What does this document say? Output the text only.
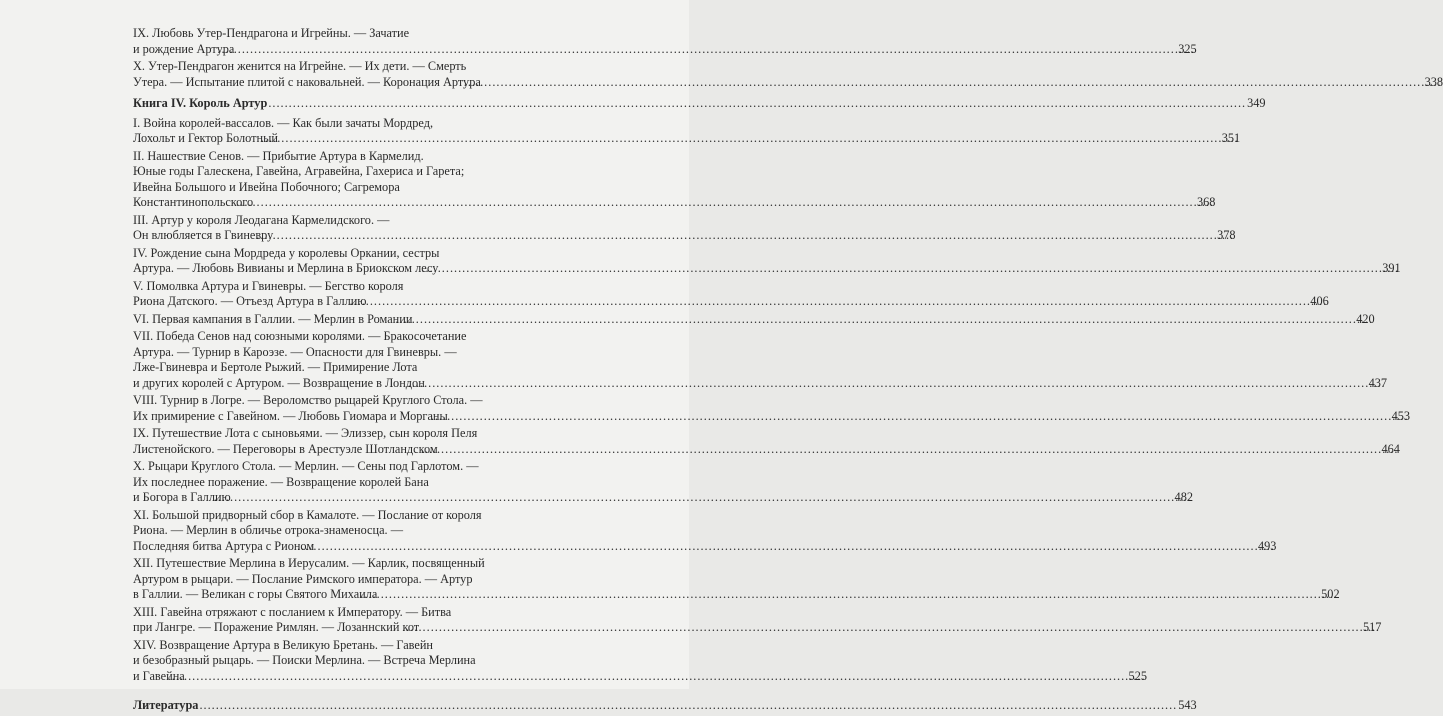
IX. Любовь Утер-Пендрагона и Игрейны. — Зачатие
и рождение Артура .....	325
X. Утер-Пендрагон женится на Игрейне. — Их дети. — Смерть
Утера. — Испытание плитой с наковальней. — Коронация Артура .....	338
Книга IV. Король Артур .....	349
I. Война королей-вассалов. — Как были зачаты Мордред,
Лохольт и Гектор Болотный .....	351
II. Нашествие Сенов. — Прибытие Артура в Кармелид.
Юные годы Галескена, Гавейна, Агравейна, Гахериса и Гарета;
Ивейна Большого и Ивейна Побочного; Сагремора
Константинопольского .....	368
III. Артур у короля Леодагана Кармелидского. —
Он влюбляется в Гвиневру .....	378
IV. Рождение сына Мордреда у королевы Оркании, сестры
Артура. — Любовь Вивианы и Мерлина в Бриокском лесу .....	391
V. Помолвка Артура и Гвиневры. — Бегство короля
Риона Датского. — Отъезд Артура в Галлию .....	406
VI. Первая кампания в Галлии. — Мерлин в Романии .....	420
VII. Победа Сенов над союзными королями. — Бракосочетание
Артура. — Турнир в Кароэзе. — Опасности для Гвиневры. —
Лже-Гвиневра и Бертоле Рыжий. — Примирение Лота
и других королей с Артуром. — Возвращение в Лондон .....	437
VIII. Турнир в Логре. — Вероломство рыцарей Круглого Стола. —
Их примирение с Гавейном. — Любовь Гиомара и Морганы .....	453
IX. Путешествие Лота с сыновьями. — Элиззер, сын короля Пеля
Листенойского. — Переговоры в Арестуэле Шотландском .....	464
X. Рыцари Круглого Стола. — Мерлин. — Сены под Гарлотом. —
Их последнее поражение. — Возвращение королей Бана
и Богора в Галлию .....	482
XI. Большой придворный сбор в Камалоте. — Послание от короля
Риона. — Мерлин в обличье отрока-знаменосца. —
Последняя битва Артура с Рионом .....	493
XII. Путешествие Мерлина в Иерусалим. — Карлик, посвященный
Артуром в рыцари. — Послание Римского императора. — Артур
в Галлии. — Великан с горы Святого Михаила .....	502
XIII. Гавейна отряжают с посланием к Императору. — Битва
при Лангре. — Поражение Римлян. — Лозаннский кот .....	517
XIV. Возвращение Артура в Великую Бретань. — Гавейн
и безобразный рыцарь. — Поиски Мерлина. — Встреча Мерлина
и Гавейна .....	525
Литература .....	543
